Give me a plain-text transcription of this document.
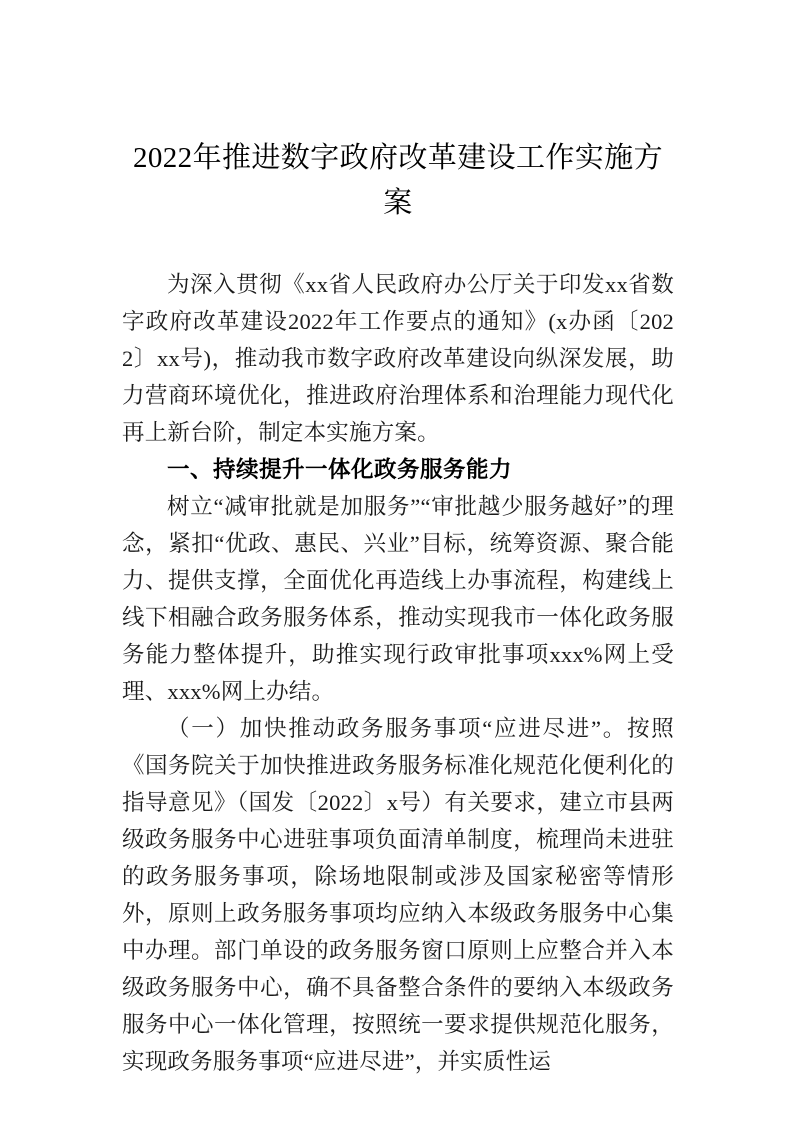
2022年推进数字政府改革建设工作实施方案

为深入贯彻《xx省人民政府办公厅关于印发xx省数字政府改革建设2022年工作要点的通知》(x办函〔2022〕xx号)，推动我市数字政府改革建设向纵深发展，助力营商环境优化，推进政府治理体系和治理能力现代化再上新台阶，制定本实施方案。

一、持续提升一体化政务服务能力

树立“减审批就是加服务”“审批越少服务越好”的理念，紧扣“优政、惠民、兴业”目标，统筹资源、聚合能力、提供支撑，全面优化再造线上办事流程，构建线上线下相融合政务服务体系，推动实现我市一体化政务服务能力整体提升，助推实现行政审批事项xxx%网上受理、xxx%网上办结。

（一）加快推动政务服务事项“应进尽进”。按照《国务院关于加快推进政务服务标准化规范化便利化的指导意见》（国发〔2022〕x号）有关要求，建立市县两级政务服务中心进驻事项负面清单制度，梳理尚未进驻的政务服务事项，除场地限制或涉及国家秘密等情形外，原则上政务服务事项均应纳入本级政务服务中心集中办理。部门单设的政务服务窗口原则上应整合并入本级政务服务中心，确不具备整合条件的要纳入本级政务服务中心一体化管理，按照统一要求提供规范化服务，实现政务服务事项“应进尽进”，并实质性运
